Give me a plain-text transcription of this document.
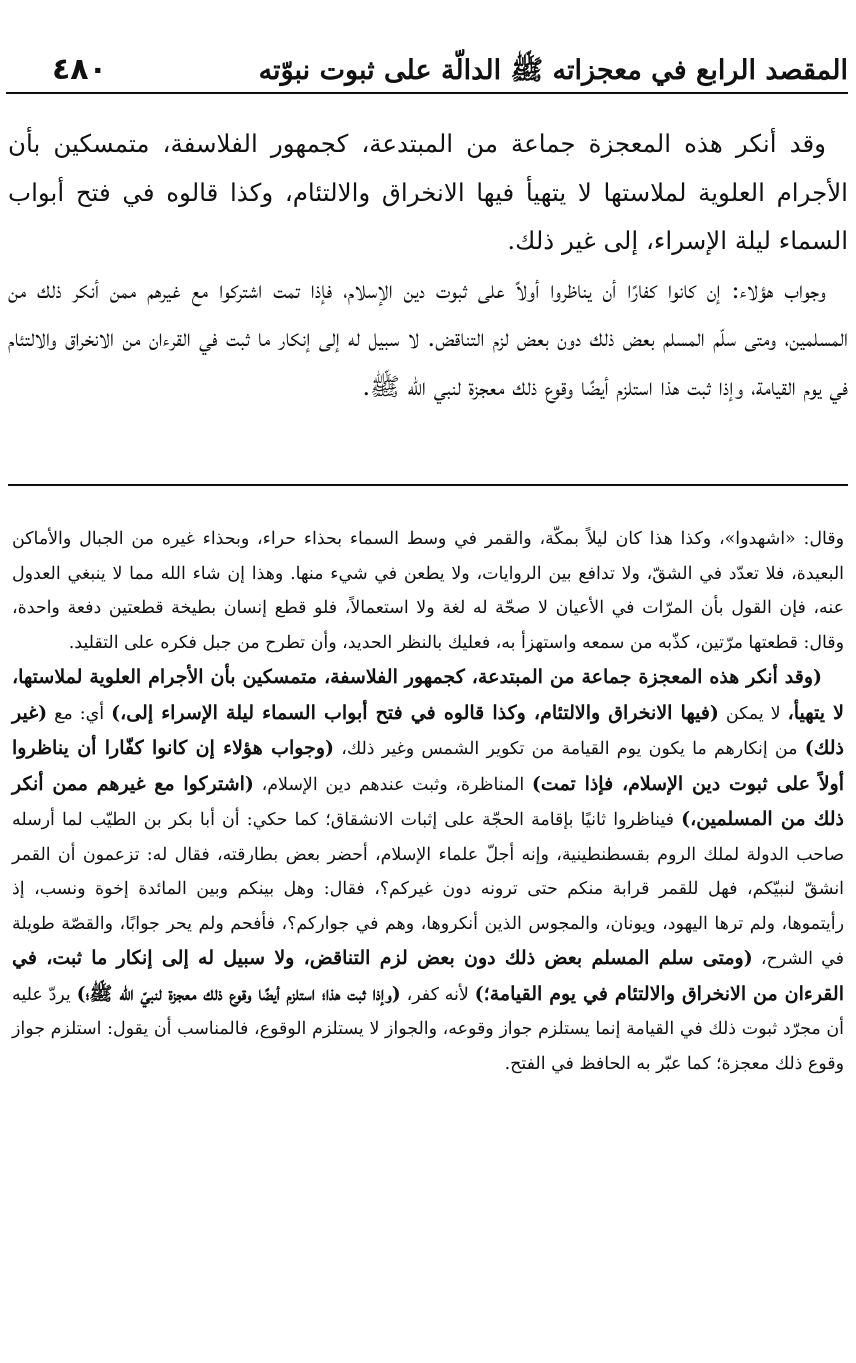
المقصد الرابع في معجزاته ﷺ الدالّة على ثبوت نبوّته
٤٨٠

وقد أنكر هذه المعجزة جماعة من المبتدعة، كجمهور الفلاسفة، متمسكين بأن الأجرام العلوية لملاستها لا يتهيأ فيها الانخراق والالتئام، وكذا قالوه في فتح أبواب السماء ليلة الإسراء، إلى غير ذلك.

وجواب هؤلاء: إن كانوا كفارًا أن يناظروا أولاً على ثبوت دين الإسلام، فإذا تمت اشتركوا مع غيرهم ممن أنكر ذلك من المسلمين، ومتى سلّم المسلم بعض ذلك دون بعض لزم التناقض. لا سبيل له إلى إنكار ما ثبت في القرءان من الانخراق والالتئام في يوم القيامة، وإذا ثبت هذا استلزم أيضًا وقوع ذلك معجزة لنبي الله ﷺ.

وقال: «اشهدوا»، وكذا هذا كان ليلاً بمكّة، والقمر في وسط السماء بحذاء حراء، وبحذاء غيره من الجبال والأماكن البعيدة، فلا تعدّد في الشقّ، ولا تدافع بين الروايات، ولا يطعن في شيء منها. وهذا إن شاء الله مما لا ينبغي العدول عنه، فإن القول بأن المرّات في الأعيان لا صحّة له لغة ولا استعمالاً، فلو قطع إنسان بطيخة قطعتين دفعة واحدة، وقال: قطعتها مرّتين، كذّبه من سمعه واستهزأ به، فعليك بالنظر الحديد، وأن تطرح من جبل فكره على التقليد.

(وقد أنكر هذه المعجزة جماعة من المبتدعة، كجمهور الفلاسفة، متمسكين بأن الأجرام العلوية لملاستها، لا يتهيأ، لا يمكن (فيها الانخراق والالتئام، وكذا قالوه في فتح أبواب السماء ليلة الإسراء إلى،) أي: مع (غير ذلك) من إنكارهم ما يكون يوم القيامة من تكوير الشمس وغير ذلك، (وجواب هؤلاء إن كانوا كفّارا أن يناظروا أولاً على ثبوت دين الإسلام، فإذا تمت) المناظرة، وثبت عندهم دين الإسلام، (اشتركوا مع غيرهم ممن أنكر ذلك من المسلمين،) فيناظروا ثانيًا بإقامة الحجّة على إثبات الانشقاق؛ كما حكي: أن أبا بكر بن الطيّب لما أرسله صاحب الدولة لملك الروم بقسطنطينية، وإنه أجلّ علماء الإسلام، أحضر بعض بطارقته، فقال له: تزعمون أن القمر انشقّ لنبيّكم، فهل للقمر قرابة منكم حتى ترونه دون غيركم؟، فقال: وهل بينكم وبين المائدة إخوة ونسب، إذ رأيتموها، ولم ترها اليهود، ويونان، والمجوس الذين أنكروها، وهم في جواركم؟، فأفحم ولم يحر جوابًا، والقصّة طويلة في الشرح، (ومتى سلم المسلم بعض ذلك دون بعض لزم التناقض، ولا سبيل له إلى إنكار ما ثبت، في القرءان من الانخراق والالتئام في يوم القيامة؛) لأنه كفر، (وإذا ثبت هذا؛ استلزم أيضًا وقوع ذلك معجزة لنبيّ الله ﷺ؛) يردّ عليه أن مجرّد ثبوت ذلك في القيامة إنما يستلزم جواز وقوعه، والجواز لا يستلزم الوقوع، فالمناسب أن يقول: استلزم جواز وقوع ذلك معجزة؛ كما عبّر به الحافظ في الفتح.
